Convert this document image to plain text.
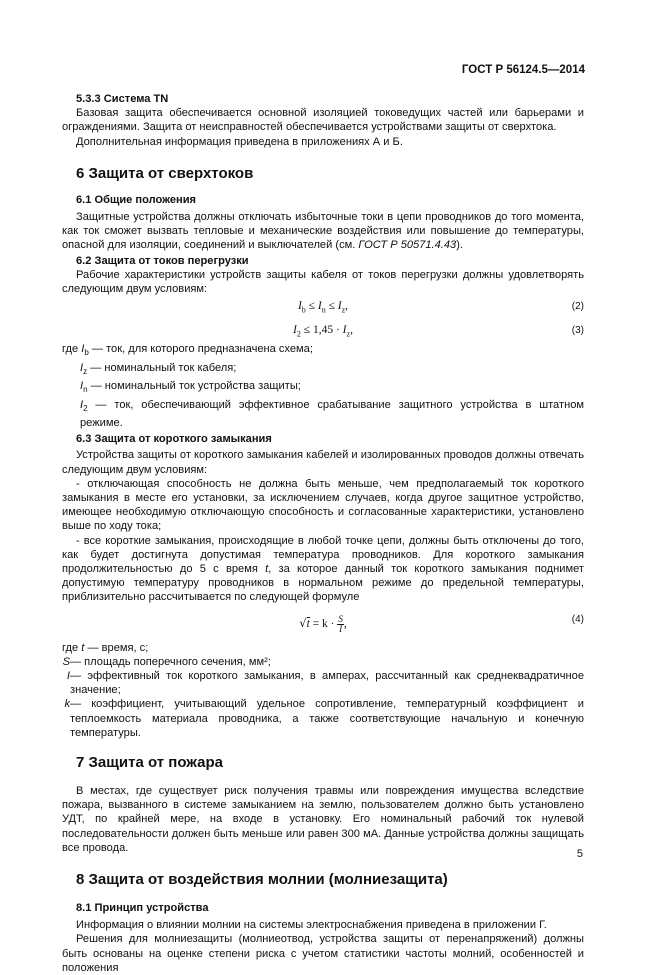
ГОСТ Р 56124.5—2014

5.3.3 Система TN

Базовая защита обеспечивается основной изоляцией токоведущих частей или барьерами и ограждениями. Защита от неисправностей обеспечивается устройствами защиты от сверхтока.

Дополнительная информация приведена в приложениях А и Б.

6 Защита от сверхтоков

6.1 Общие положения

Защитные устройства должны отключать избыточные токи в цепи проводников до того момента, как ток сможет вызвать тепловые и механические воздействия или повышение до температуры, опасной для изоляции, соединений и выключателей (см. ГОСТ Р 50571.4.43).

6.2 Защита от токов перегрузки

Рабочие характеристики устройств защиты кабеля от токов перегрузки должны удовлетворять следующим двум условиям:

$I_b \le I_n \le I_z$,	(2)
$I_2 \le 1,45 \cdot I_z$,	(3)

где $I_b$ — ток, для которого предназначена схема;

$I_z$ — номинальный ток кабеля;

$I_n$ — номинальный ток устройства защиты;

$I_2$ — ток, обеспечивающий эффективное срабатывание защитного устройства в штатном режиме.

6.3 Защита от короткого замыкания

Устройства защиты от короткого замыкания кабелей и изолированных проводов должны отвечать следующим двум условиям:

- отключающая способность не должна быть меньше, чем предполагаемый ток короткого замыкания в месте его установки, за исключением случаев, когда другое защитное устройство, имеющее необходимую отключающую способность и согласованные характеристики, установлено выше по ходу тока;

- все короткие замыкания, происходящие в любой точке цепи, должны быть отключены до того, как будет достигнута допустимая температура проводников. Для короткого замыкания продолжительностью до 5 с время t, за которое данный ток короткого замыкания поднимет допустимую температуру проводников в нормальном режиме до предельной температуры, приблизительно рассчитывается по следующей формуле

$√t = k \cdot \frac{S}{I}$ ,	(4)

где t — время, с;

S — площадь поперечного сечения, мм²;
I — эффективный ток короткого замыкания, в амперах, рассчитанный как среднеквадратичное значение;
k — коэффициент, учитывающий удельное сопротивление, температурный коэффициент и теплоемкость материала проводника, а также соответствующие начальную и конечную температуры.

7 Защита от пожара

В местах, где существует риск получения травмы или повреждения имущества вследствие пожара, вызванного в системе замыканием на землю, пользователем должно быть установлено УДТ, по крайней мере, на входе в установку. Его номинальный рабочий ток нулевой последовательности должен быть меньше или равен 300 мА. Данные устройства должны защищать все провода.

8 Защита от воздействия молнии (молниезащита)

8.1 Принцип устройства

Информация о влиянии молнии на системы электроснабжения приведена в приложении Г.

Решения для молниезащиты (молниеотвод, устройства защиты от перенапряжений) должны быть основаны на оценке степени риска с учетом статистики частоты молний, особенностей и положения

5
